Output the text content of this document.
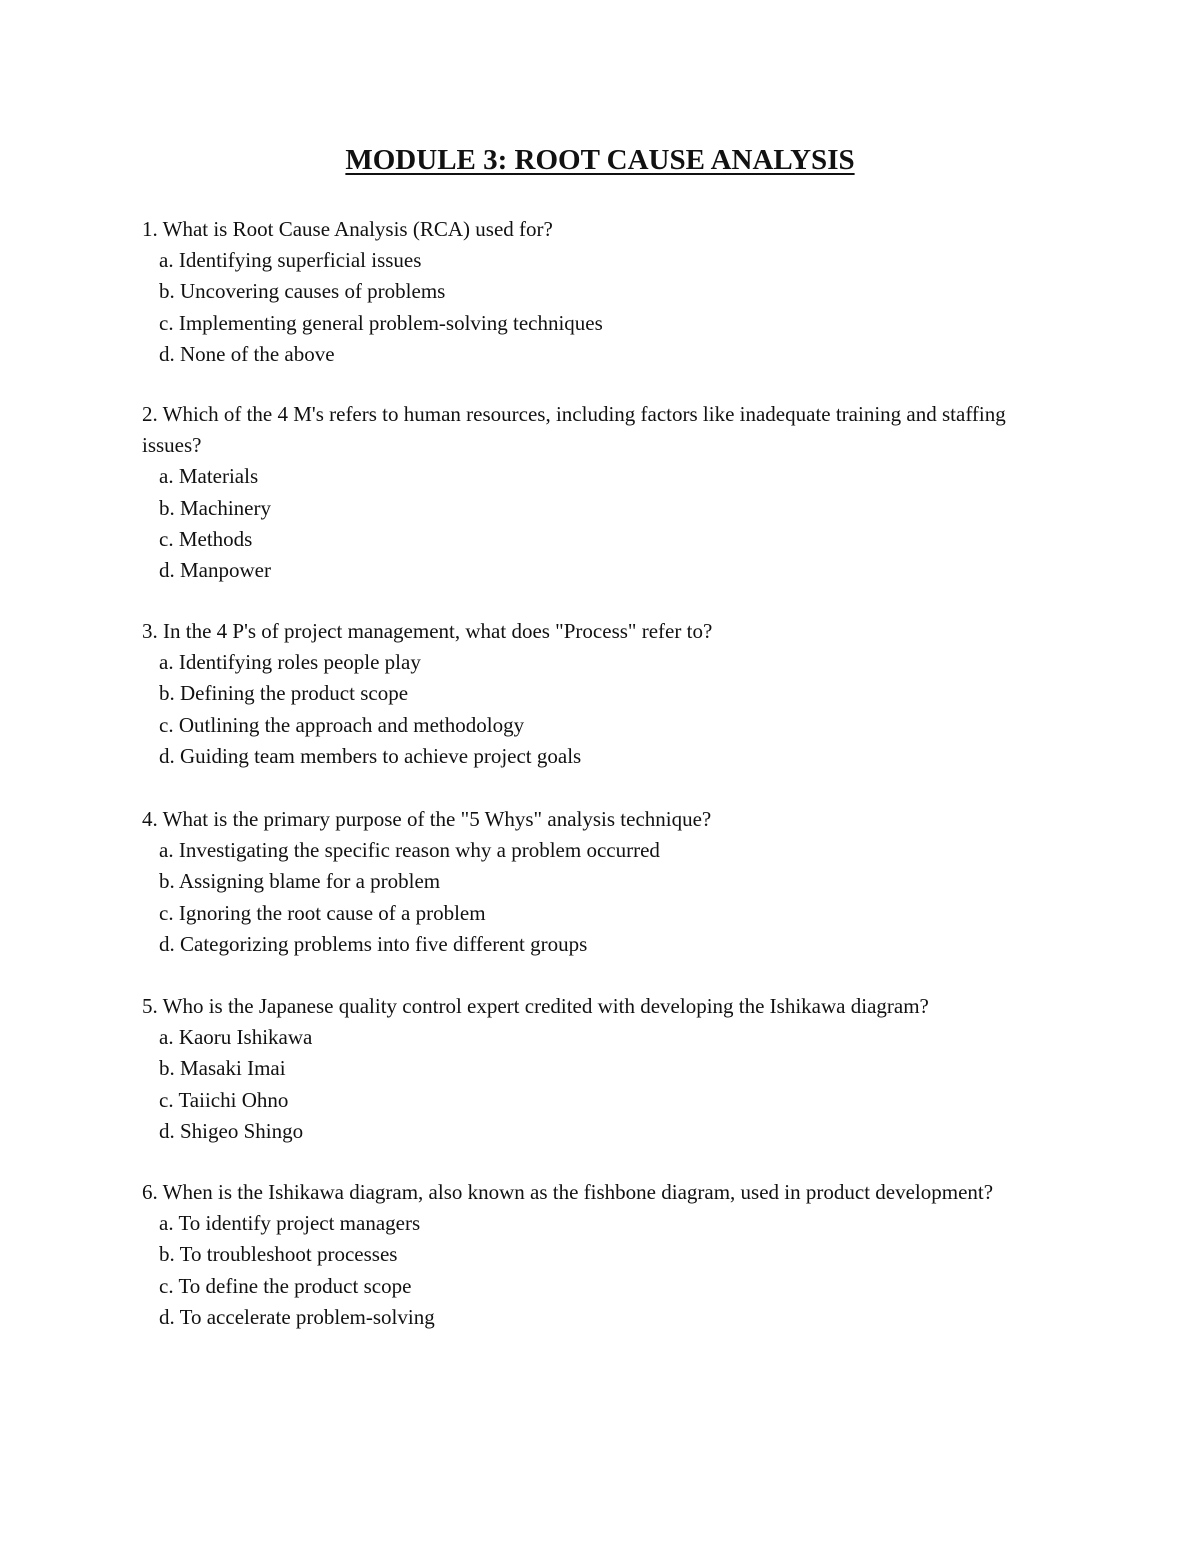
MODULE 3: ROOT CAUSE ANALYSIS

1. What is Root Cause Analysis (RCA) used for?

a. Identifying superficial issues

b. Uncovering causes of problems

c. Implementing general problem-solving techniques

d. None of the above

2. Which of the 4 M's refers to human resources, including factors like inadequate training and staffing issues?

a. Materials

b. Machinery

c. Methods

d. Manpower

3. In the 4 P's of project management, what does "Process" refer to?

a. Identifying roles people play

b. Defining the product scope

c. Outlining the approach and methodology

d. Guiding team members to achieve project goals

4. What is the primary purpose of the "5 Whys" analysis technique?

a. Investigating the specific reason why a problem occurred

b. Assigning blame for a problem

c. Ignoring the root cause of a problem

d. Categorizing problems into five different groups

5. Who is the Japanese quality control expert credited with developing the Ishikawa diagram?

a. Kaoru Ishikawa

b. Masaki Imai

c. Taiichi Ohno

d. Shigeo Shingo

6. When is the Ishikawa diagram, also known as the fishbone diagram, used in product development?

a. To identify project managers

b. To troubleshoot processes

c. To define the product scope

d. To accelerate problem-solving
